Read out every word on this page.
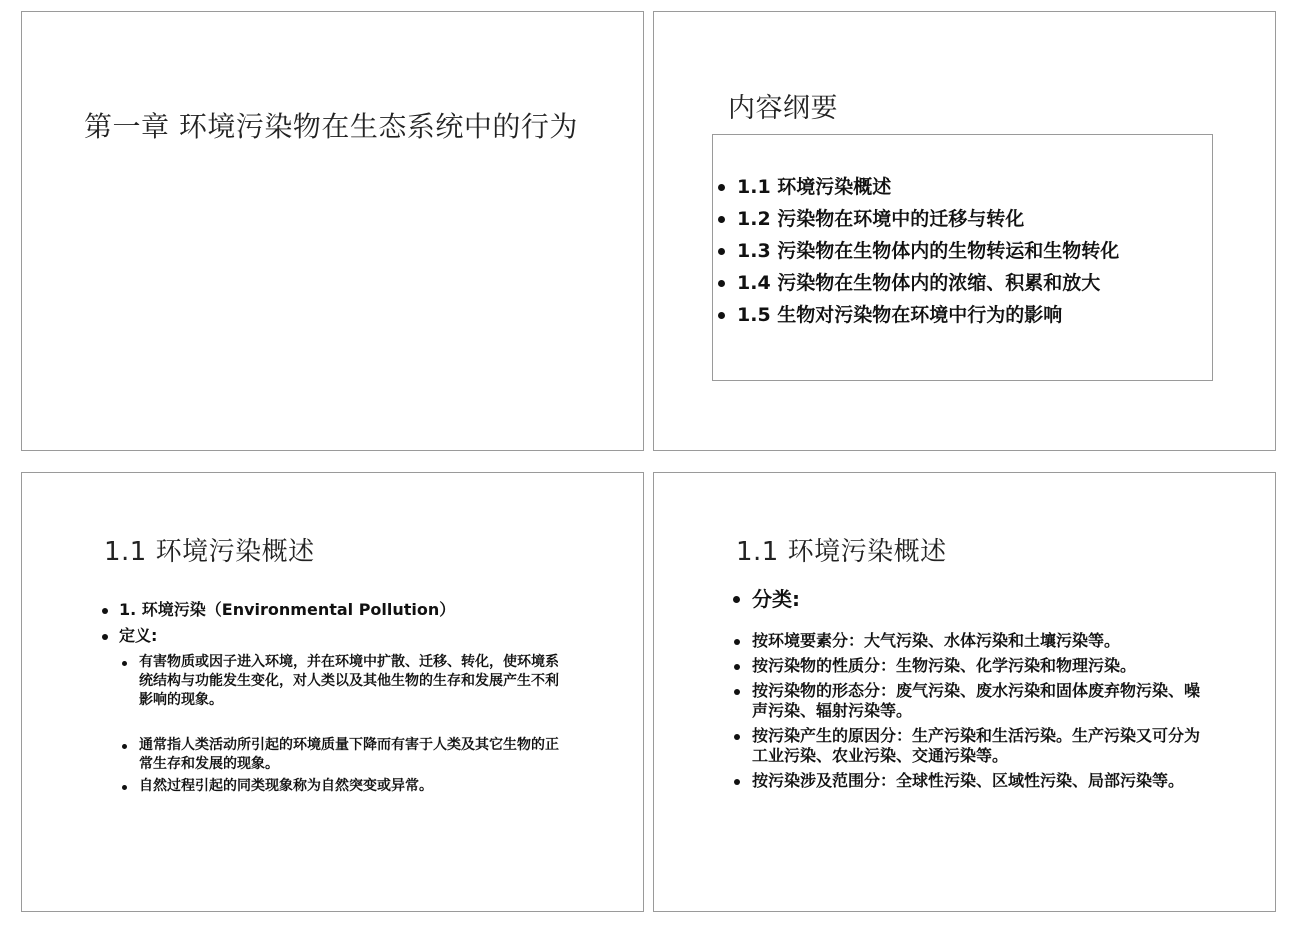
第一章 环境污染物在生态系统中的行为
内容纲要
1.1 环境污染概述
1.2 污染物在环境中的迁移与转化
1.3 污染物在生物体内的生物转运和生物转化
1.4 污染物在生物体内的浓缩、积累和放大
1.5 生物对污染物在环境中行为的影响
1.1 环境污染概述
1. 环境污染（Environmental Pollution）
定义:
有害物质或因子进入环境，并在环境中扩散、迁移、转化，使环境系统结构与功能发生变化，对人类以及其他生物的生存和发展产生不利影响的现象。
通常指人类活动所引起的环境质量下降而有害于人类及其它生物的正常生存和发展的现象。
自然过程引起的同类现象称为自然突变或异常。
1.1 环境污染概述
分类:
按环境要素分：大气污染、水体污染和土壤污染等。
按污染物的性质分：生物污染、化学污染和物理污染。
按污染物的形态分：废气污染、废水污染和固体废弃物污染、噪声污染、辐射污染等。
按污染产生的原因分：生产污染和生活污染。生产污染又可分为工业污染、农业污染、交通污染等。
按污染涉及范围分：全球性污染、区域性污染、局部污染等。
